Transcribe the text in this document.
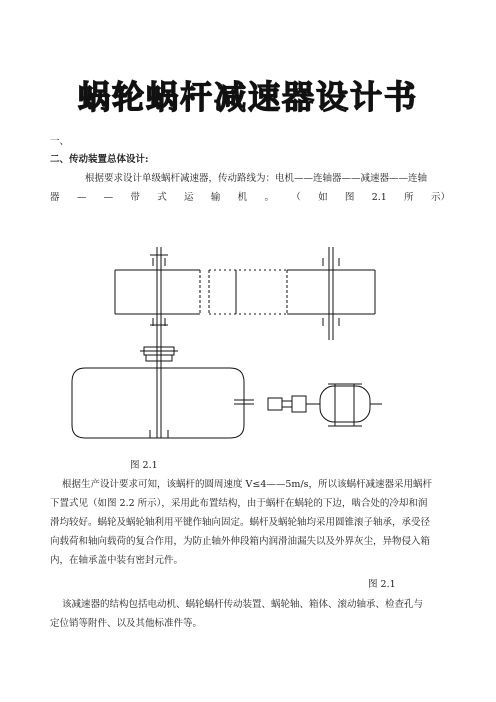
蜗轮蜗杆减速器设计书
一、
二、传动装置总体设计:
根据要求设计单级蜗杆减速器，传动路线为：电机——连轴器——减速器——连轴
器 — — 带 式 运 输 机 。 （ 如 图 2.1 所 示）
图 2.1
根据生产设计要求可知，该蜗杆的圆周速度 V≤4——5m/s，所以该蜗杆减速器采用蜗杆
下置式见（如图 2.2 所示），采用此布置结构，由于蜗杆在蜗轮的下边，啮合处的冷却和润
滑均较好。蜗轮及蜗轮轴利用平键作轴向固定。蜗杆及蜗轮轴均采用圆锥滚子轴承，承受径
向载荷和轴向载荷的复合作用，为防止轴外伸段箱内润滑油漏失以及外界灰尘，异物侵入箱
内，在轴承盖中装有密封元件。
图 2.1
该减速器的结构包括电动机、蜗轮蜗杆传动装置、蜗轮轴、箱体、滚动轴承、检查孔与
定位销等附件、以及其他标准件等。
